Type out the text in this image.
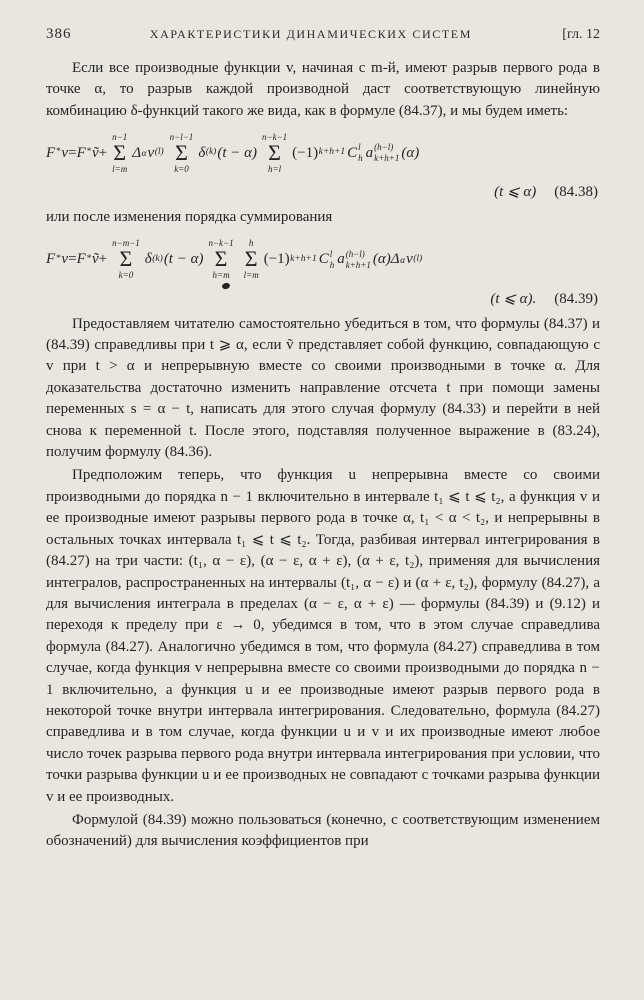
386	ХАРАКТЕРИСТИКИ ДИНАМИЧЕСКИХ СИСТЕМ	[гл. 12

Если все производные функции v, начиная с m-й, имеют разрыв первого рода в точке α, то разрыв каждой производной даст соответствующую линейную комбинацию δ-функций такого же вида, как в формуле (84.37), и мы будем иметь:

F* v = F* ṽ +
n−1
Σ
l=m
$\Delta_\alpha$ $v^{(l)}$
n−l−1
Σ
k=0
$\delta^{(k)}$ (t − α)
n−k−1
Σ
h=l
$(-1)^{k+h+1}$ C l
h a (h−l)
k+h+1 (α)
(t ⩽ α) (84.38)

или после изменения порядка суммирования

F* v = F* ṽ +
n−m−1
Σ
k=0
$\delta^{(k)}$ (t − α)
n−k−1
Σ
h=m
h
Σ
l=m
$(-1)^{k+h+1}$ C l
h a (h−l)
k+h+1 (α) $\Delta_\alpha$ $v^{(l)}$
(t ⩽ α). (84.39)

Предоставляем читателю самостоятельно убедиться в том, что формулы (84.37) и (84.39) справедливы при t ⩾ α, если ṽ представляет собой функцию, совпадающую с v при t > α и непрерывную вместе со своими производными в точке α. Для доказательства достаточно изменить направление отсчета t при помощи замены переменных s = α − t, написать для этого случая формулу (84.33) и перейти в ней снова к переменной t. После этого, подставляя полученное выражение в (83.24), получим формулу (84.36).

Предположим теперь, что функция u непрерывна вместе со своими производными до порядка n − 1 включительно в интервале t₁ ⩽ t ⩽ t₂, а функция v и ее производные имеют разрывы первого рода в точке α, t₁ < α < t₂, и непрерывны в остальных точках интервала t₁ ⩽ t ⩽ t₂. Тогда, разбивая интервал интегрирования в (84.27) на три части: (t₁, α − ε), (α − ε, α + ε), (α + ε, t₂), применяя для вычисления интегралов, распространенных на интервалы (t₁, α − ε) и (α + ε, t₂), формулу (84.27), а для вычисления интеграла в пределах (α − ε, α + ε) — формулы (84.39) и (9.12) и переходя к пределу при ε → 0, убедимся в том, что в этом случае справедлива формула (84.27). Аналогично убедимся в том, что формула (84.27) справедлива в том случае, когда функция v непрерывна вместе со своими производными до порядка n − 1 включительно, а функция u и ее производные имеют разрыв первого рода в некоторой точке внутри интервала интегрирования. Следовательно, формула (84.27) справедлива и в том случае, когда функции u и v и их производные имеют любое число точек разрыва первого рода внутри интервала интегрирования при условии, что точки разрыва функции u и ее производных не совпадают с точками разрыва функции v и ее производных.

Формулой (84.39) можно пользоваться (конечно, с соответствующим изменением обозначений) для вычисления коэффициентов при
